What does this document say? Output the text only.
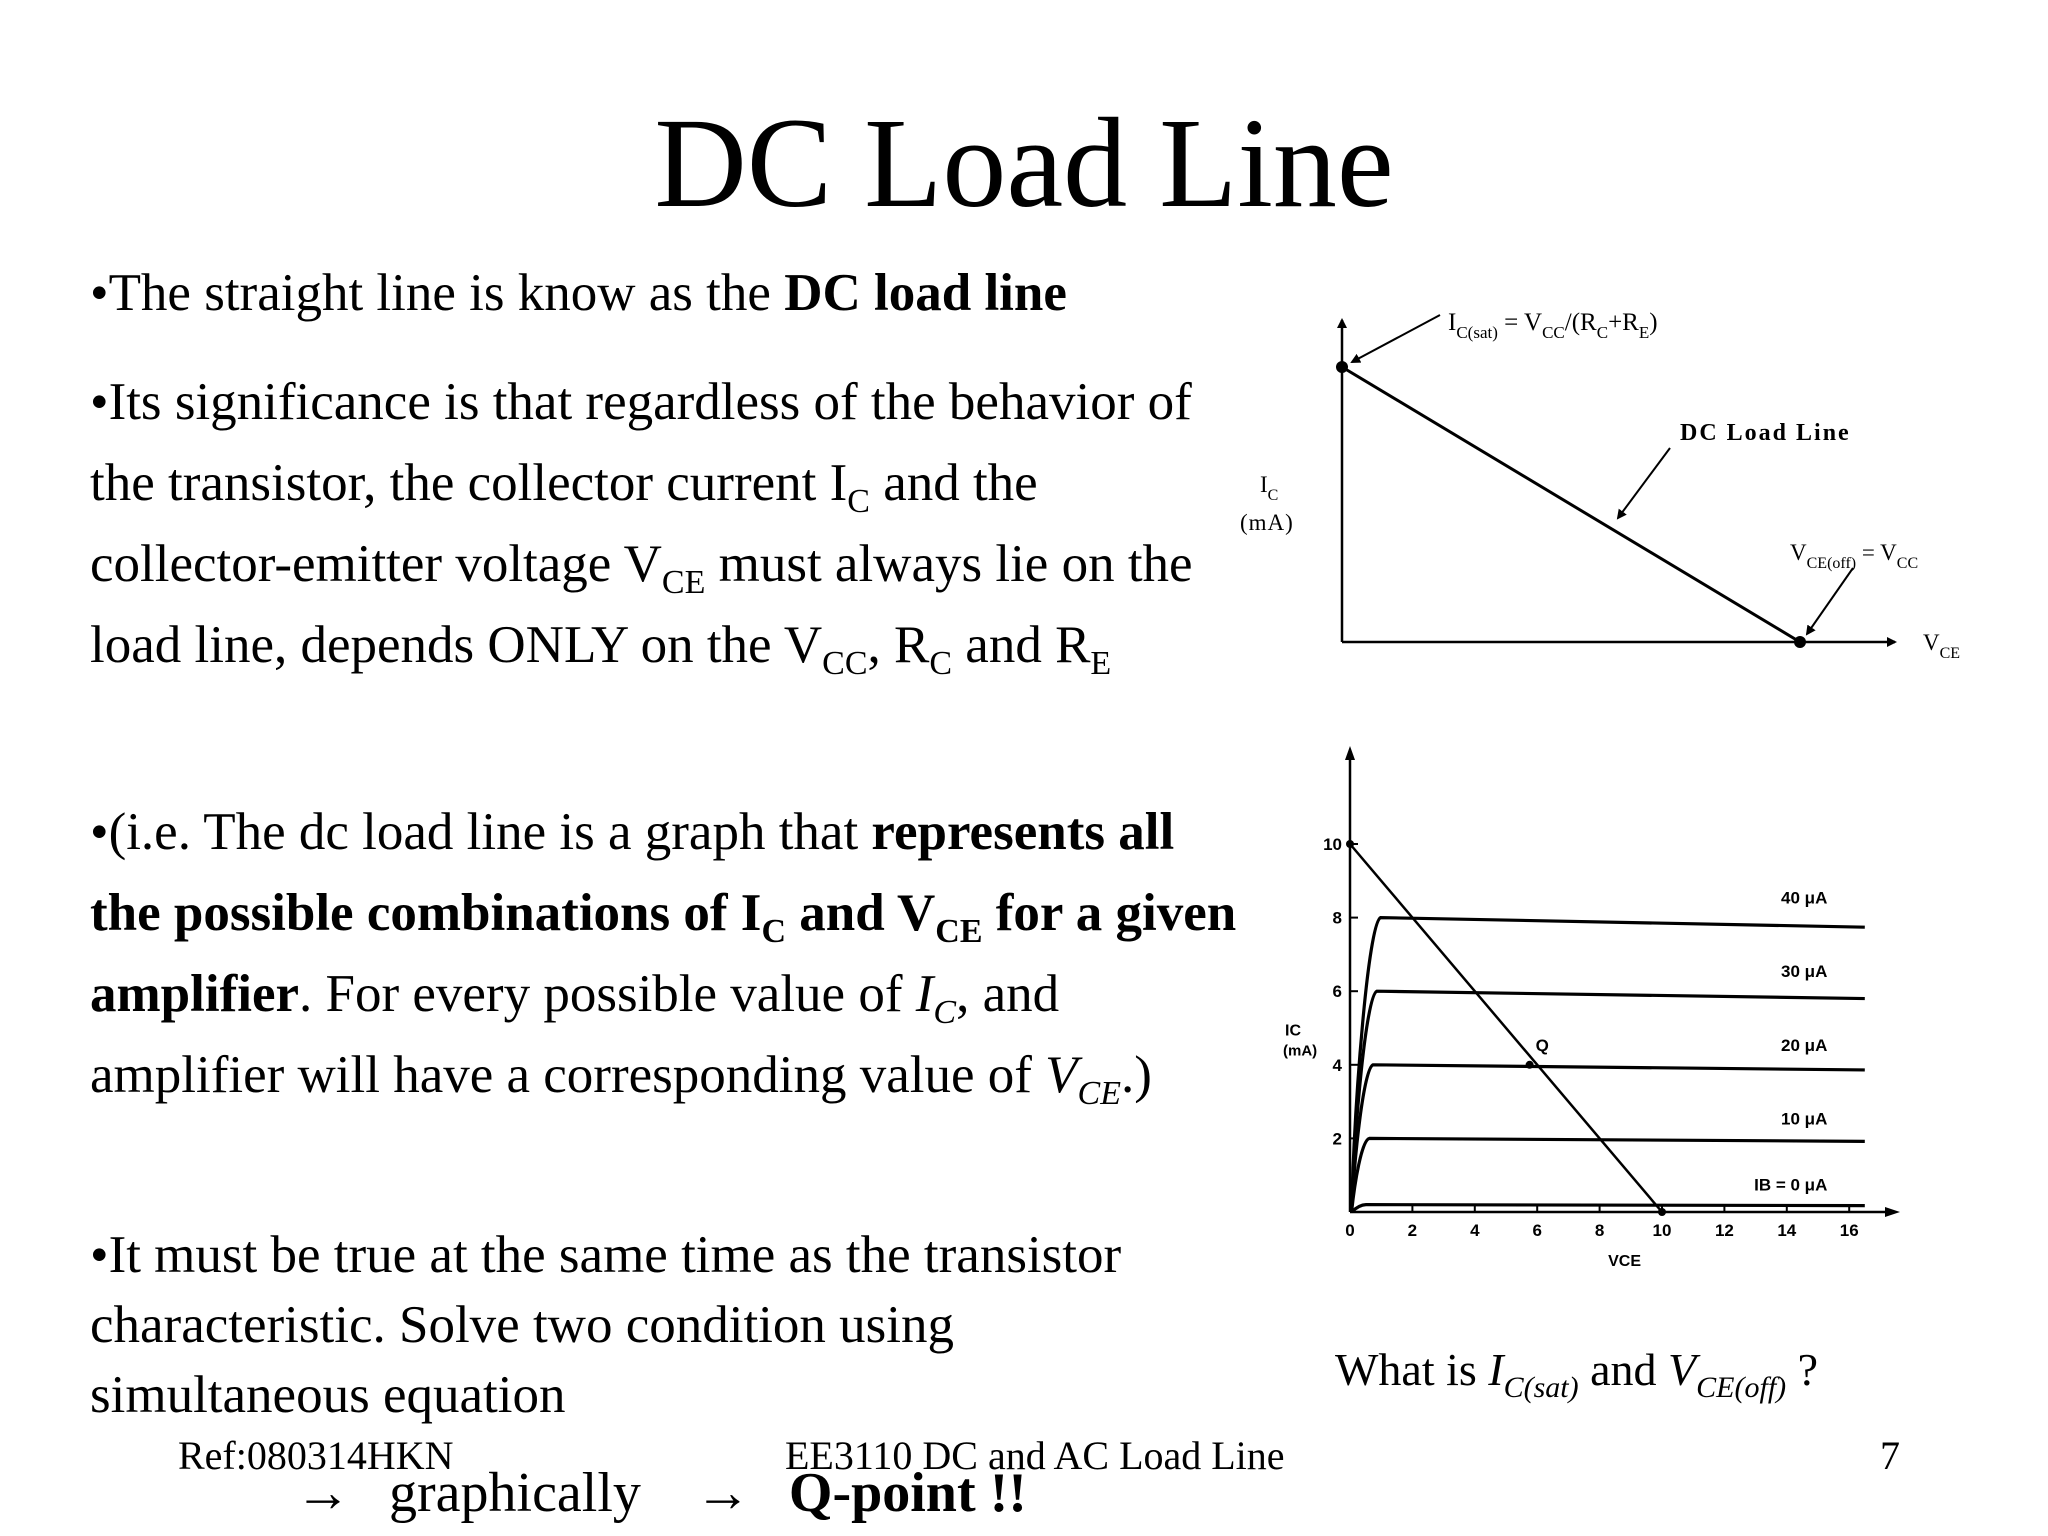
DC Load Line
•The straight line is know as the DC load line
•Its significance is that regardless of the behavior of the transistor, the collector current $I_C$ and the collector-emitter voltage $V_{CE}$ must always lie on the load line, depends ONLY on the $V_{CC}$, $R_C$ and $R_E$
•(i.e. The dc load line is a graph that represents all the possible combinations of $I_C$ and $V_{CE}$ for a given amplifier. For every possible value of $I_C$, and amplifier will have a corresponding value of $V_{CE}$.)
•It must be true at the same time as the transistor characteristic. Solve two condition using simultaneous equation
→ graphically → Q-point !!
Ref:080314HKN	EE3110 DC and AC Load Line	7
What is $I_{C(sat)}$ and $V_{CE(off)}$ ?
$I_{C(sat)} = V_{CC}/(R_C+R_E)$
DC Load Line
$V_{CE(off)} = V_{CC}$
$I_C$
(mA)
$V_{CE}$
0	2	4	6	8	10	12	14	16
2
4
6
8
10
VCE
IC
(mA)
40 μA
30 μA
20 μA
10 μA
IB = 0 μA
Q
